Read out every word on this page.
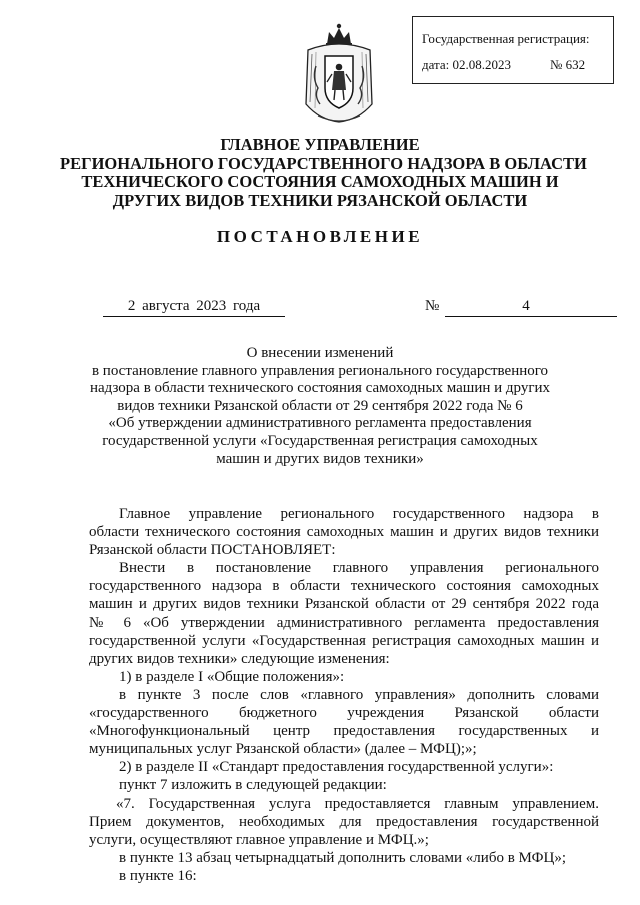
Государственная регистрация:
дата: 02.08.2023	№ 632
ГЛАВНОЕ УПРАВЛЕНИЕ
РЕГИОНАЛЬНОГО ГОСУДАРСТВЕННОГО НАДЗОРА В ОБЛАСТИ
ТЕХНИЧЕСКОГО СОСТОЯНИЯ САМОХОДНЫХ МАШИН И
ДРУГИХ ВИДОВ ТЕХНИКИ РЯЗАНСКОЙ ОБЛАСТИ
ПОСТАНОВЛЕНИЕ
2 августа 2023 года	№	4
О внесении изменений
в постановление главного управления регионального государственного
надзора в области технического состояния самоходных машин и других
видов техники Рязанской области от 29 сентября 2022 года № 6
«Об утверждении административного регламента предоставления
государственной услуги «Государственная регистрация самоходных
машин и других видов техники»
Главное управление регионального государственного надзора в
области технического состояния самоходных машин и других видов техники
Рязанской области ПОСТАНОВЛЯЕТ:
Внести в постановление главного управления регионального
государственного надзора в области технического состояния самоходных
машин и других видов техники Рязанской области от 29 сентября 2022 года
№ 6 «Об утверждении административного регламента предоставления
государственной услуги «Государственная регистрация самоходных машин и
других видов техники» следующие изменения:
1) в разделе I «Общие положения»:
в пункте 3 после слов «главного управления» дополнить словами
«государственного бюджетного учреждения Рязанской области
«Многофункциональный центр предоставления государственных и
муниципальных услуг Рязанской области» (далее – МФЦ);»;
2) в разделе II «Стандарт предоставления государственной услуги»:
пункт 7 изложить в следующей редакции:
«7. Государственная услуга предоставляется главным управлением.
Прием документов, необходимых для предоставления государственной
услуги, осуществляют главное управление и МФЦ.»;
в пункте 13 абзац четырнадцатый дополнить словами «либо в МФЦ»;
в пункте 16:
